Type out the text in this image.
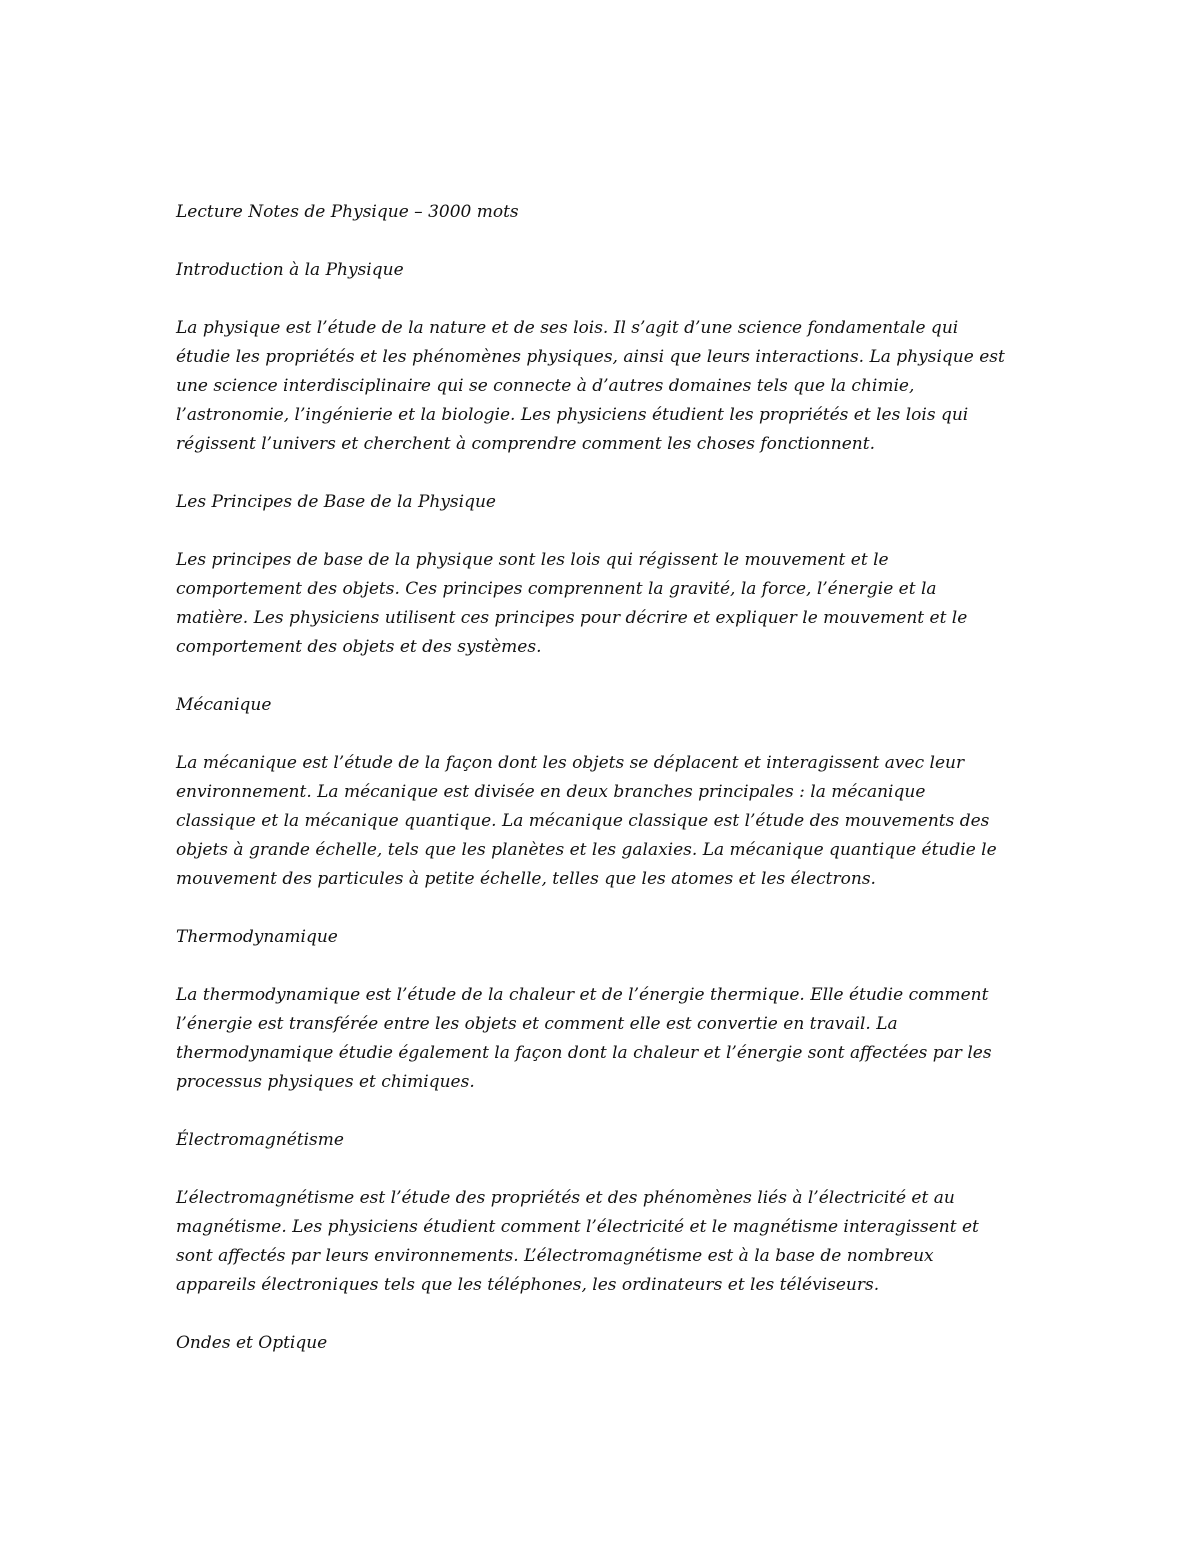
Lecture Notes de Physique – 3000 mots

Introduction à la Physique

La physique est l’étude de la nature et de ses lois. Il s’agit d’une science fondamentale qui
étudie les propriétés et les phénomènes physiques, ainsi que leurs interactions. La physique est
une science interdisciplinaire qui se connecte à d’autres domaines tels que la chimie,
l’astronomie, l’ingénierie et la biologie. Les physiciens étudient les propriétés et les lois qui
régissent l’univers et cherchent à comprendre comment les choses fonctionnent.

Les Principes de Base de la Physique

Les principes de base de la physique sont les lois qui régissent le mouvement et le
comportement des objets. Ces principes comprennent la gravité, la force, l’énergie et la
matière. Les physiciens utilisent ces principes pour décrire et expliquer le mouvement et le
comportement des objets et des systèmes.

Mécanique

La mécanique est l’étude de la façon dont les objets se déplacent et interagissent avec leur
environnement. La mécanique est divisée en deux branches principales : la mécanique
classique et la mécanique quantique. La mécanique classique est l’étude des mouvements des
objets à grande échelle, tels que les planètes et les galaxies. La mécanique quantique étudie le
mouvement des particules à petite échelle, telles que les atomes et les électrons.

Thermodynamique

La thermodynamique est l’étude de la chaleur et de l’énergie thermique. Elle étudie comment
l’énergie est transférée entre les objets et comment elle est convertie en travail. La
thermodynamique étudie également la façon dont la chaleur et l’énergie sont affectées par les
processus physiques et chimiques.

Électromagnétisme

L’électromagnétisme est l’étude des propriétés et des phénomènes liés à l’électricité et au
magnétisme. Les physiciens étudient comment l’électricité et le magnétisme interagissent et
sont affectés par leurs environnements. L’électromagnétisme est à la base de nombreux
appareils électroniques tels que les téléphones, les ordinateurs et les téléviseurs.

Ondes et Optique
